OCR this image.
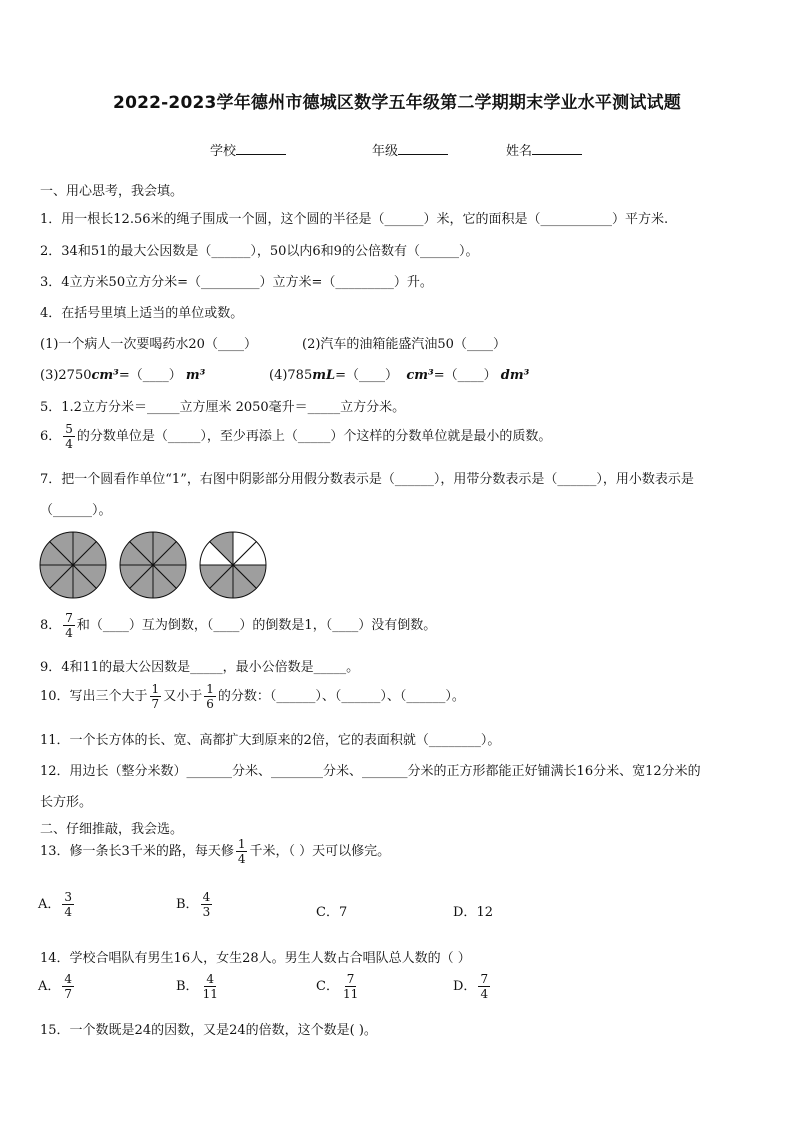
2022-2023学年德州市德城区数学五年级第二学期期末学业水平测试试题
学校	年级	姓名
一、用心思考，我会填。
1．用一根长12.56米的绳子围成一个圆，这个圆的半径是（______）米，它的面积是（___________）平方米.
2．34和51的最大公因数是（______），50以内6和9的公倍数有（______）。
3．4立方米50立方分米=（_________）立方米=（_________）升。
4．在括号里填上适当的单位或数。
(1)一个病人一次要喝药水20（____）	(2)汽车的油箱能盛汽油50（____）
(3)2750cm³=（____） m³	(4)785mL=（____） cm³=（____） dm³
5．1.2立方分米＝_____立方厘米 2050毫升＝_____立方分米。
6． $\frac{5}{4}$ 的分数单位是（_____），至少再添上（_____）个这样的分数单位就是最小的质数。
7．把一个圆看作单位“1”，右图中阴影部分用假分数表示是（______），用带分数表示是（______），用小数表示是
（______）。
8． $\frac{7}{4}$ 和（____）互为倒数，（____）的倒数是1，（____）没有倒数。
9．4和11的最大公因数是_____，最小公倍数是_____。
10．写出三个大于 $\frac{1}{7}$ 又小于 $\frac{1}{6}$ 的分数：（______）、（______）、（______）。
11．一个长方体的长、宽、高都扩大到原来的2倍，它的表面积就（________）。
12．用边长（整分米数）_______分米、________分米、_______分米的正方形都能正好铺满长16分米、宽12分米的
长方形。
二、仔细推敲，我会选。
13．修一条长3千米的路，每天修 $\frac{1}{4}$ 千米，（ ）天可以修完。
A． $\frac{3}{4}$	B． $\frac{4}{3}$	C．7	D．12
14．学校合唱队有男生16人，女生28人。男生人数占合唱队总人数的（ ）
A． $\frac{4}{7}$	B． $\frac{4}{11}$	C． $\frac{7}{11}$	D． $\frac{7}{4}$
15．一个数既是24的因数，又是24的倍数，这个数是( )。
